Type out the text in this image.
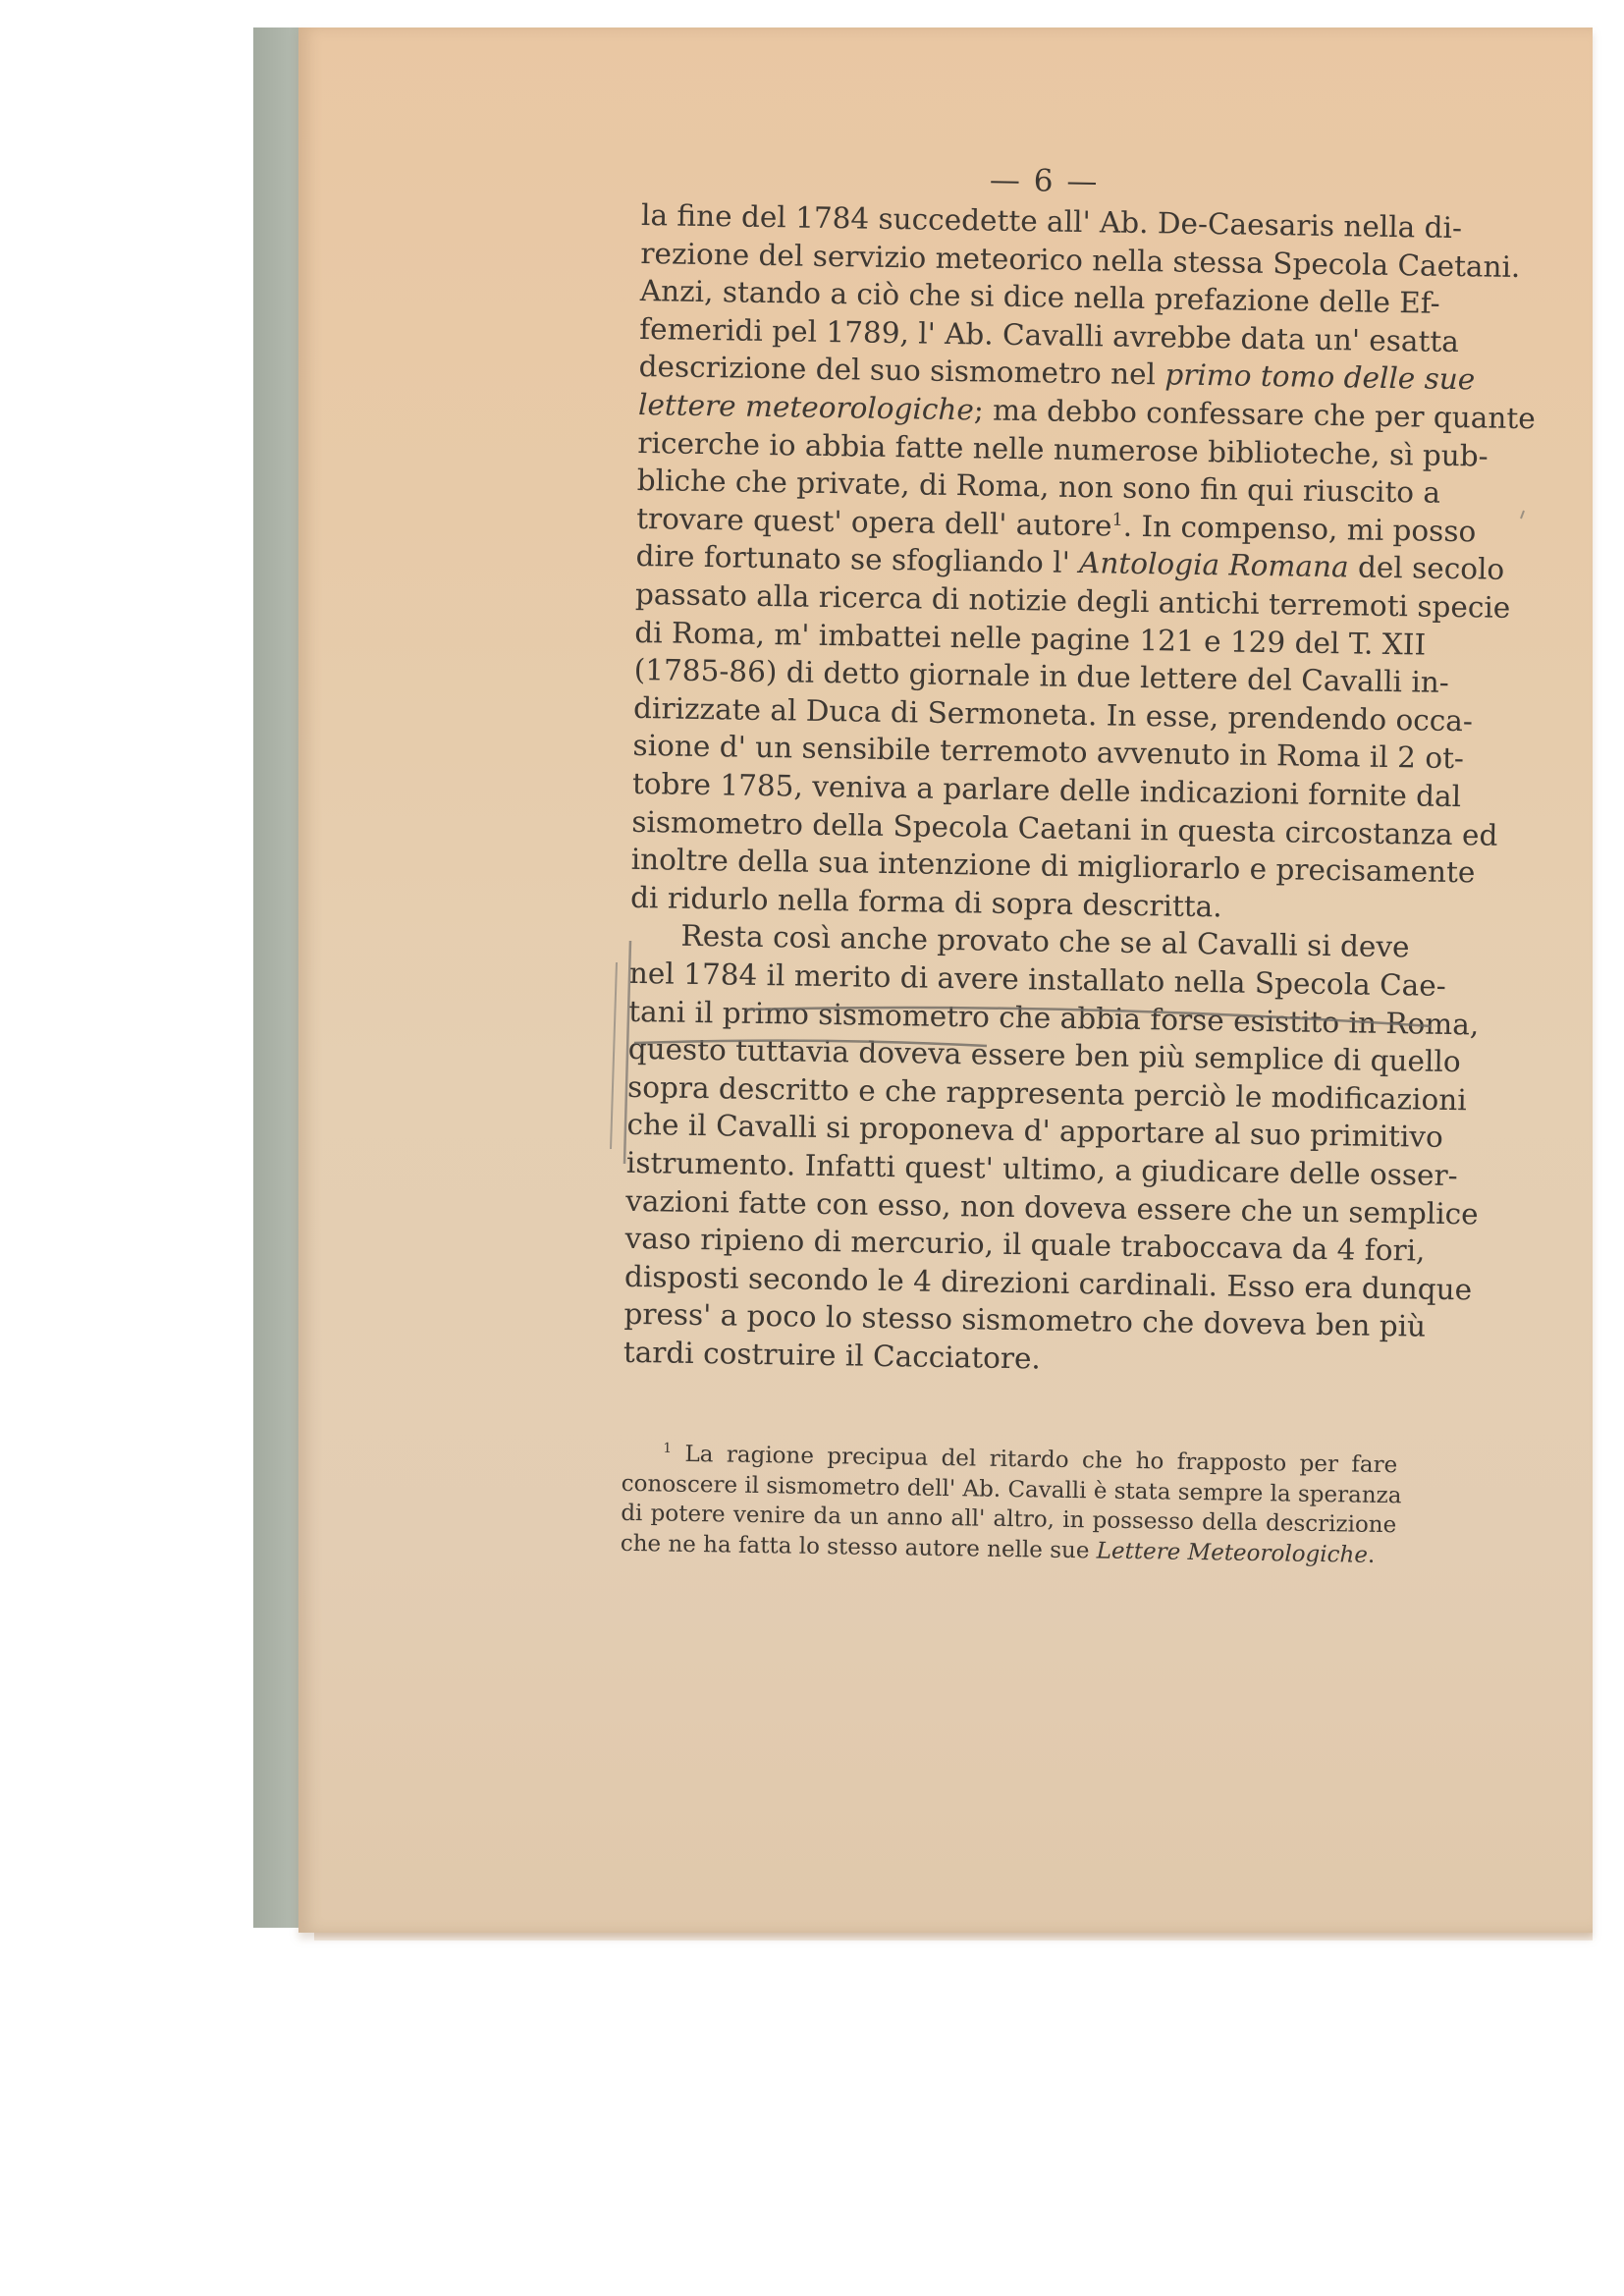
— 6 —
la fine del 1784 succedette all' Ab. De-Caesaris nella di-
rezione del servizio meteorico nella stessa Specola Caetani.
Anzi, stando a ciò che si dice nella prefazione delle Ef-
femeridi pel 1789, l' Ab. Cavalli avrebbe data un' esatta
descrizione del suo sismometro nel primo tomo delle sue
lettere meteorologiche; ma debbo confessare che per quante
ricerche io abbia fatte nelle numerose biblioteche, sì pub-
bliche che private, di Roma, non sono fin qui riuscito a
trovare quest' opera dell' autore$^1$. In compenso, mi posso
dire fortunato se sfogliando l' Antologia Romana del secolo
passato alla ricerca di notizie degli antichi terremoti specie
di Roma, m' imbattei nelle pagine 121 e 129 del T. XII
(1785-86) di detto giornale in due lettere del Cavalli in-
dirizzate al Duca di Sermoneta. In esse, prendendo occa-
sione d' un sensibile terremoto avvenuto in Roma il 2 ot-
tobre 1785, veniva a parlare delle indicazioni fornite dal
sismometro della Specola Caetani in questa circostanza ed
inoltre della sua intenzione di migliorarlo e precisamente
di ridurlo nella forma di sopra descritta.
Resta così anche provato che se al Cavalli si deve
nel 1784 il merito di avere installato nella Specola Cae-
tani il primo sismometro che abbia forse esistito in Roma,
questo tuttavia doveva essere ben più semplice di quello
sopra descritto e che rappresenta perciò le modificazioni
che il Cavalli si proponeva d' apportare al suo primitivo
istrumento. Infatti quest' ultimo, a giudicare delle osser-
vazioni fatte con esso, non doveva essere che un semplice
vaso ripieno di mercurio, il quale traboccava da 4 fori,
disposti secondo le 4 direzioni cardinali. Esso era dunque
press' a poco lo stesso sismometro che doveva ben più
tardi costruire il Cacciatore.
$^1$ La ragione precipua del ritardo che ho frapposto per fare
conoscere il sismometro dell' Ab. Cavalli è stata sempre la speranza
di potere venire da un anno all' altro, in possesso della descrizione
che ne ha fatta lo stesso autore nelle sue Lettere Meteorologiche.
